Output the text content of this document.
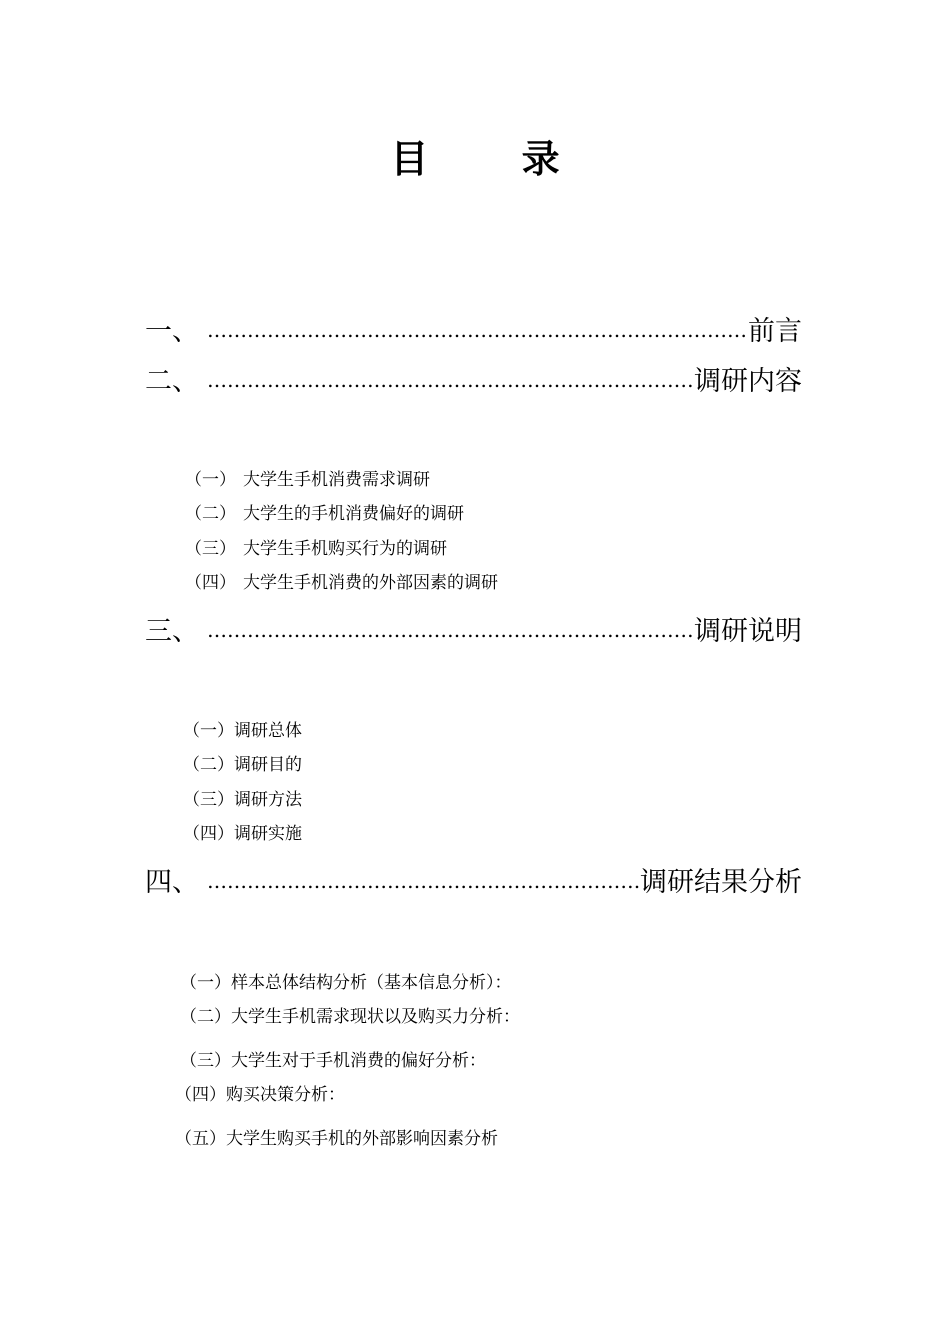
目 录
一、 …………………………………………………………………………………………………………………	前言
二、 …………………………………………………………………………………………………………………	调研内容
（一） 大学生手机消费需求调研
（二） 大学生的手机消费偏好的调研
（三） 大学生手机购买行为的调研
（四） 大学生手机消费的外部因素的调研
三、 …………………………………………………………………………………………………………………	调研说明
（一）调研总体
（二）调研目的
（三）调研方法
（四）调研实施
四、 …………………………………………………………………………………………………………………	调研结果分析
（一）样本总体结构分析（基本信息分析）：
（二）大学生手机需求现状以及购买力分析：
（三）大学生对于手机消费的偏好分析：
（四）购买决策分析：
（五）大学生购买手机的外部影响因素分析
